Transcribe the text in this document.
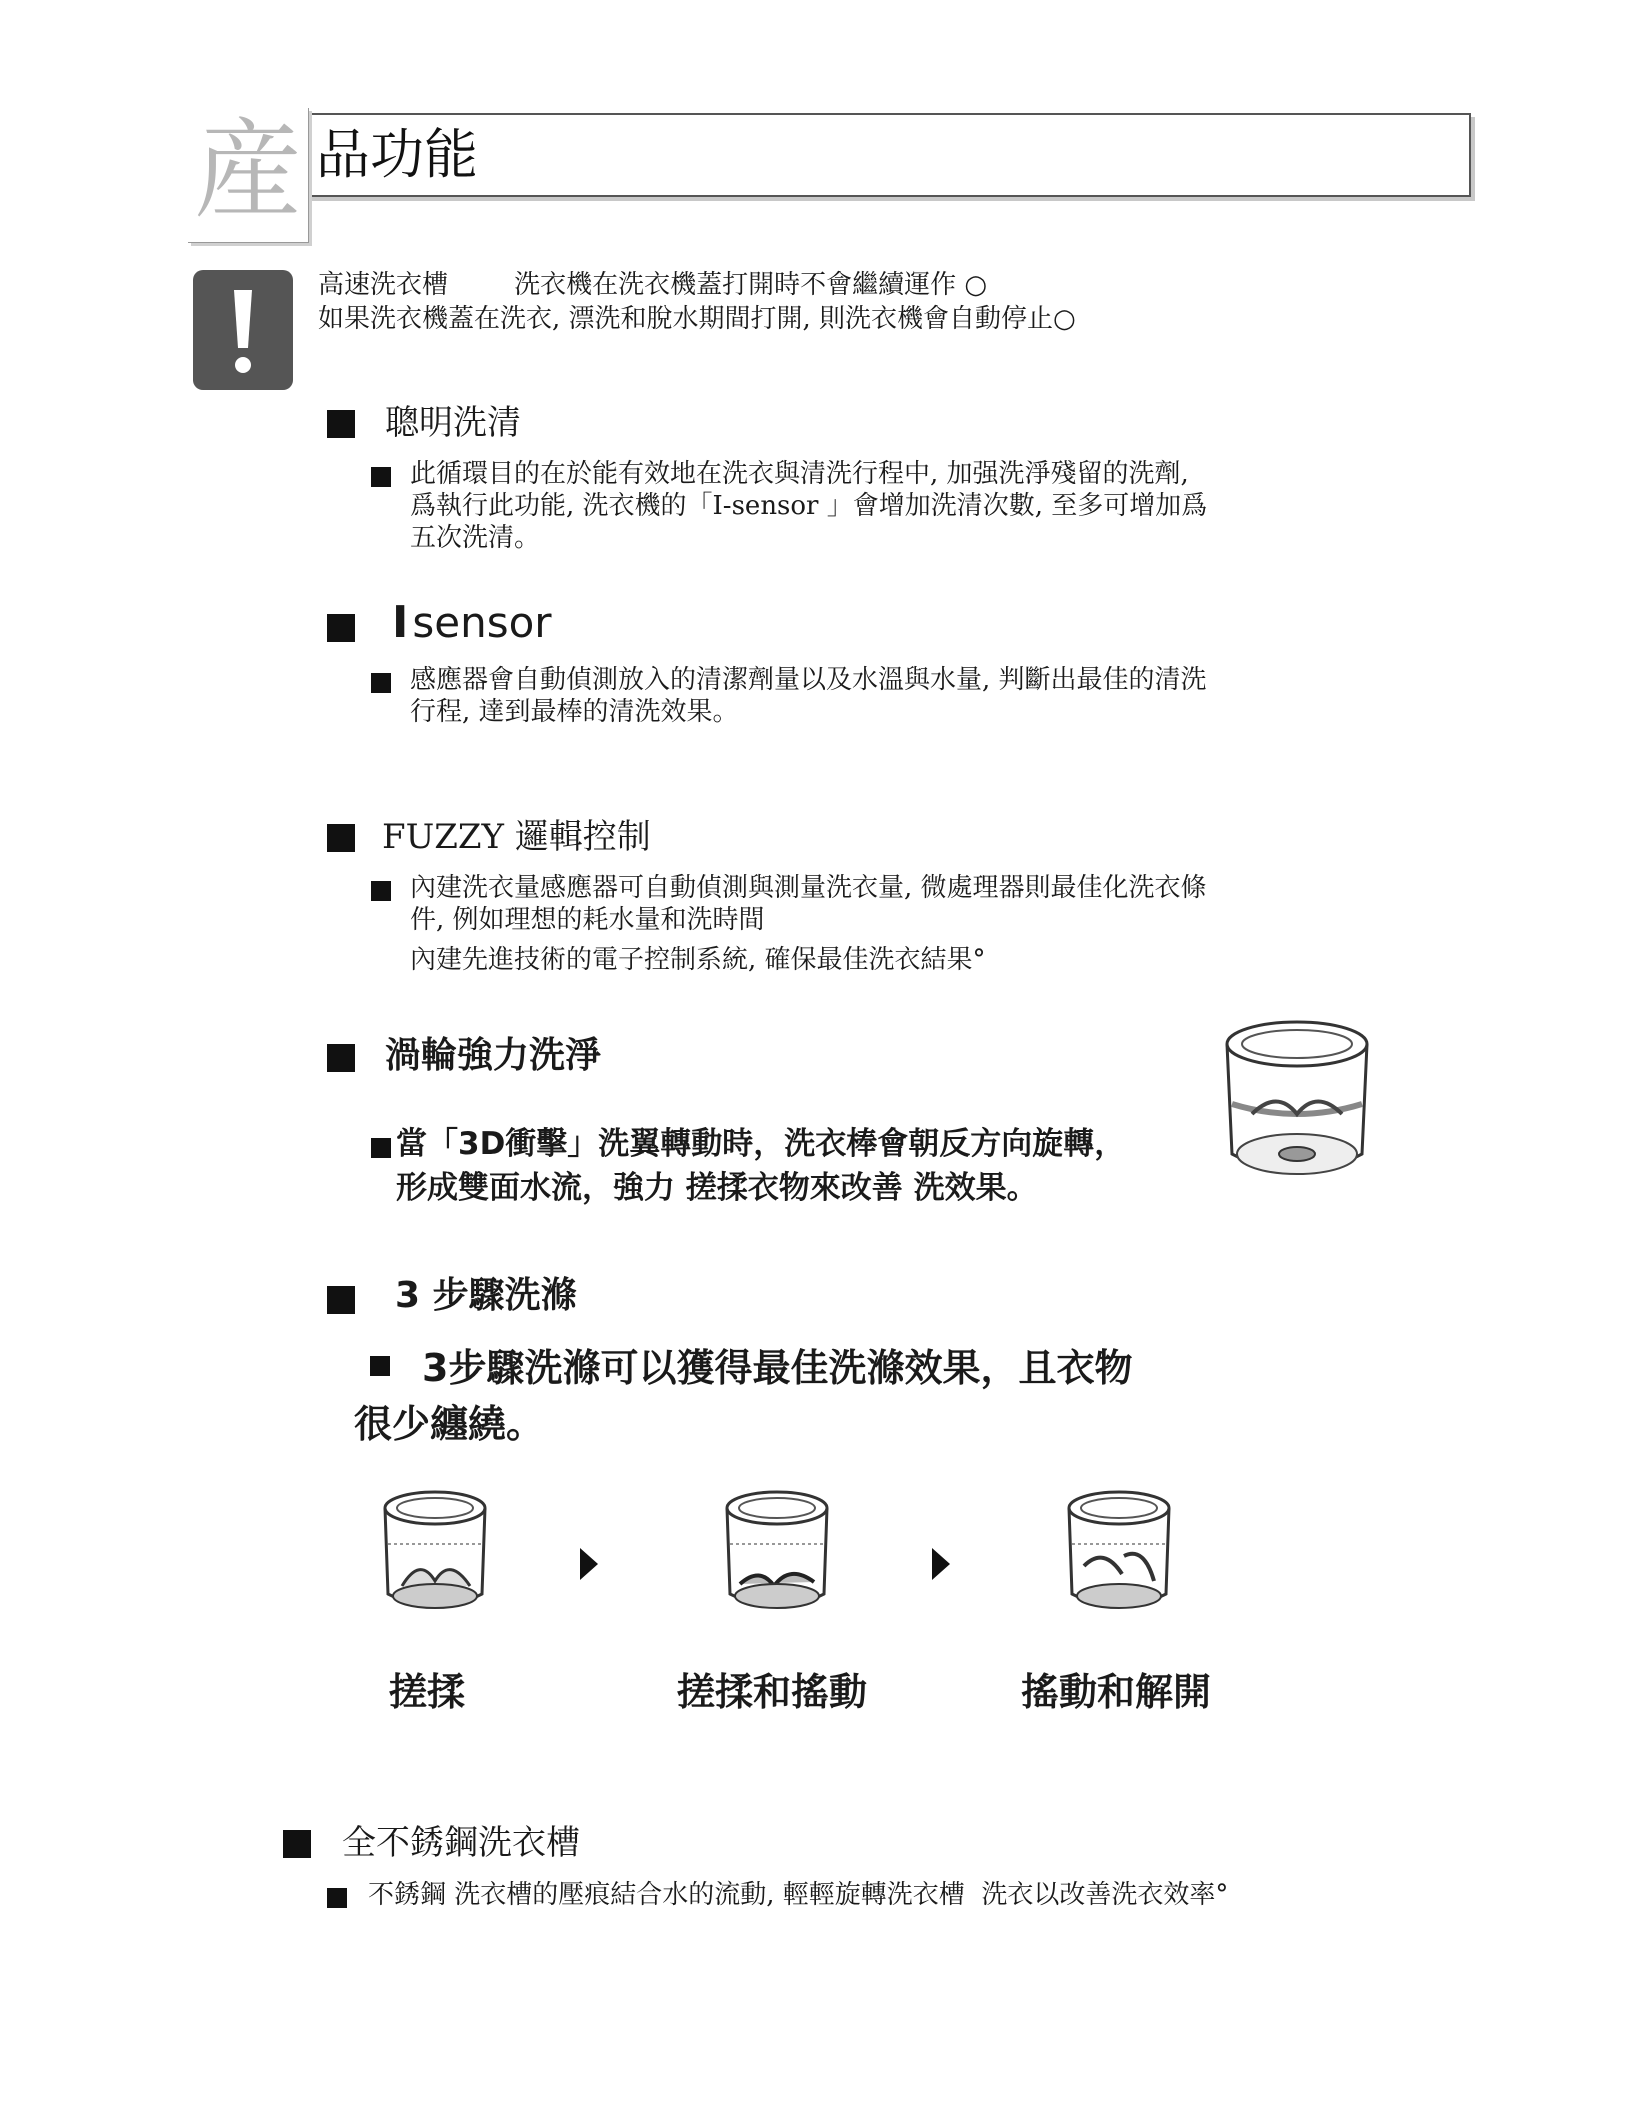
産 品功能
高速洗衣槽        洗衣機在洗衣機蓋打開時不會繼續運作 ○
如果洗衣機蓋在洗衣, 漂洗和脫水期間打開, 則洗衣機會自動停止○
聰明洗清
此循環目的在於能有效地在洗衣與清洗行程中, 加强洗淨殘留的洗劑,
爲執行此功能, 洗衣機的「I-sensor 」會增加洗清次數, 至多可增加爲
五次洗清。
Isensor
感應器會自動偵測放入的清潔劑量以及水溫與水量, 判斷出最佳的清洗
行程, 達到最棒的清洗效果。
FUZZY 邏輯控制
內建洗衣量感應器可自動偵測與測量洗衣量, 微處理器則最佳化洗衣條
件, 例如理想的耗水量和洗時間
內建先進技術的電子控制系統, 確保最佳洗衣結果°
渦輪強力洗淨
當「3D衝擊」洗翼轉動時，洗衣棒會朝反方向旋轉，
形成雙面水流，強力 搓揉衣物來改善 洗效果。
3 步驟洗滌
3步驟洗滌可以獲得最佳洗滌效果，且衣物
很少纏繞。
搓揉	搓揉和搖動	搖動和解開
全不銹鋼洗衣槽
不銹鋼 洗衣槽的壓痕結合水的流動, 輕輕旋轉洗衣槽  洗衣以改善洗衣效率°
